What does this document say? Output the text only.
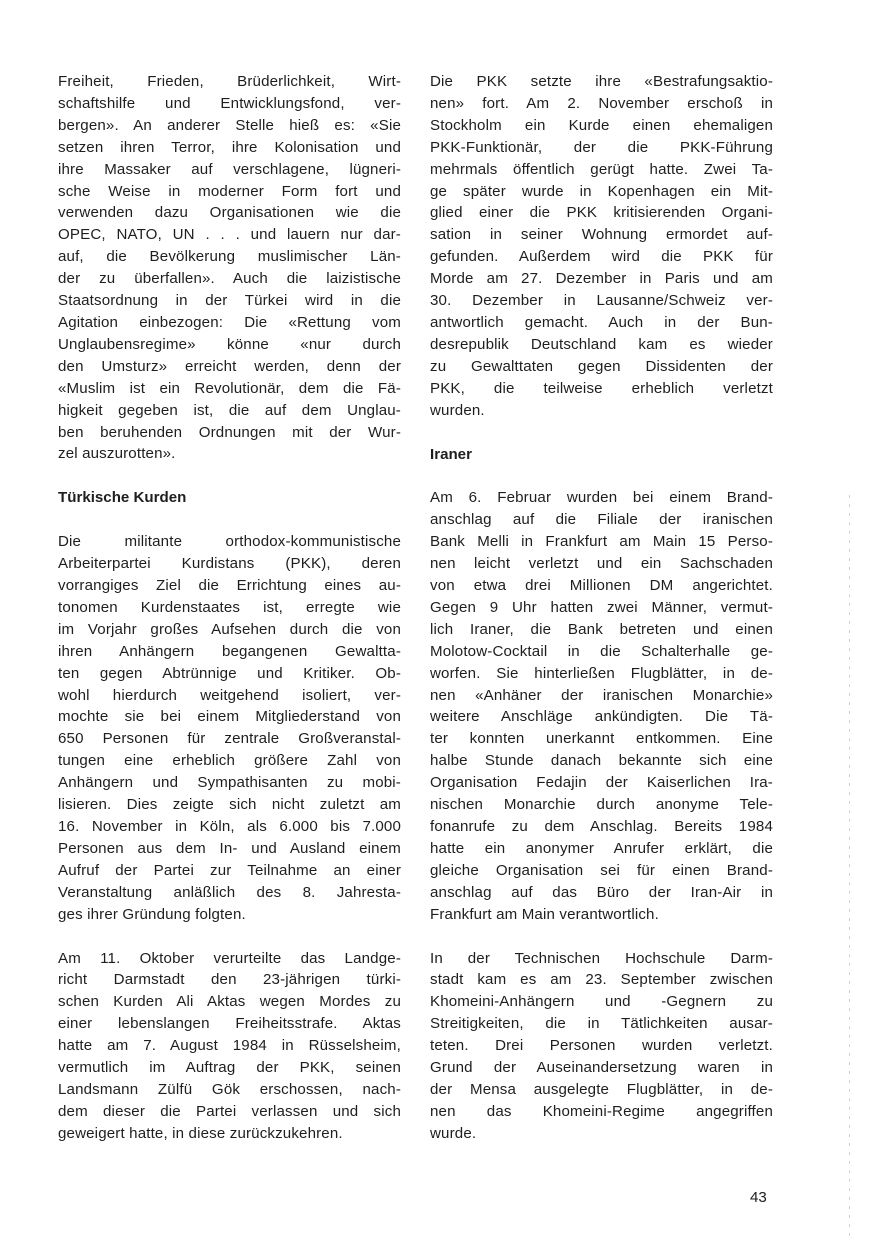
Freiheit, Frieden, Brüderlichkeit, Wirt-
schaftshilfe und Entwicklungsfond, ver-
bergen». An anderer Stelle hieß es: «Sie
setzen ihren Terror, ihre Kolonisation und
ihre Massaker auf verschlagene, lügneri-
sche Weise in moderner Form fort und
verwenden dazu Organisationen wie die
OPEC, NATO, UN . . . und lauern nur dar-
auf, die Bevölkerung muslimischer Län-
der zu überfallen». Auch die laizistische
Staatsordnung in der Türkei wird in die
Agitation einbezogen: Die «Rettung vom
Unglaubensregime» könne «nur durch
den Umsturz» erreicht werden, denn der
«Muslim ist ein Revolutionär, dem die Fä-
higkeit gegeben ist, die auf dem Unglau-
ben beruhenden Ordnungen mit der Wur-
zel auszurotten».

Türkische Kurden

Die militante orthodox-kommunistische
Arbeiterpartei Kurdistans (PKK), deren
vorrangiges Ziel die Errichtung eines au-
tonomen Kurdenstaates ist, erregte wie
im Vorjahr großes Aufsehen durch die von
ihren Anhängern begangenen Gewaltta-
ten gegen Abtrünnige und Kritiker. Ob-
wohl hierdurch weitgehend isoliert, ver-
mochte sie bei einem Mitgliederstand von
650 Personen für zentrale Großveranstal-
tungen eine erheblich größere Zahl von
Anhängern und Sympathisanten zu mobi-
lisieren. Dies zeigte sich nicht zuletzt am
16. November in Köln, als 6.000 bis 7.000
Personen aus dem In- und Ausland einem
Aufruf der Partei zur Teilnahme an einer
Veranstaltung anläßlich des 8. Jahresta-
ges ihrer Gründung folgten.

Am 11. Oktober verurteilte das Landge-
richt Darmstadt den 23-jährigen türki-
schen Kurden Ali Aktas wegen Mordes zu
einer lebenslangen Freiheitsstrafe. Aktas
hatte am 7. August 1984 in Rüsselsheim,
vermutlich im Auftrag der PKK, seinen
Landsmann Zülfü Gök erschossen, nach-
dem dieser die Partei verlassen und sich
geweigert hatte, in diese zurückzukehren.

Die PKK setzte ihre «Bestrafungsaktio-
nen» fort. Am 2. November erschoß in
Stockholm ein Kurde einen ehemaligen
PKK-Funktionär, der die PKK-Führung
mehrmals öffentlich gerügt hatte. Zwei Ta-
ge später wurde in Kopenhagen ein Mit-
glied einer die PKK kritisierenden Organi-
sation in seiner Wohnung ermordet auf-
gefunden. Außerdem wird die PKK für
Morde am 27. Dezember in Paris und am
30. Dezember in Lausanne/Schweiz ver-
antwortlich gemacht. Auch in der Bun-
desrepublik Deutschland kam es wieder
zu Gewalttaten gegen Dissidenten der
PKK, die teilweise erheblich verletzt
wurden.

Iraner

Am 6. Februar wurden bei einem Brand-
anschlag auf die Filiale der iranischen
Bank Melli in Frankfurt am Main 15 Perso-
nen leicht verletzt und ein Sachschaden
von etwa drei Millionen DM angerichtet.
Gegen 9 Uhr hatten zwei Männer, vermut-
lich Iraner, die Bank betreten und einen
Molotow-Cocktail in die Schalterhalle ge-
worfen. Sie hinterließen Flugblätter, in de-
nen «Anhäner der iranischen Monarchie»
weitere Anschläge ankündigten. Die Tä-
ter konnten unerkannt entkommen. Eine
halbe Stunde danach bekannte sich eine
Organisation Fedajin der Kaiserlichen Ira-
nischen Monarchie durch anonyme Tele-
fonanrufe zu dem Anschlag. Bereits 1984
hatte ein anonymer Anrufer erklärt, die
gleiche Organisation sei für einen Brand-
anschlag auf das Büro der Iran-Air in
Frankfurt am Main verantwortlich.

In der Technischen Hochschule Darm-
stadt kam es am 23. September zwischen
Khomeini-Anhängern und -Gegnern zu
Streitigkeiten, die in Tätlichkeiten ausar-
teten. Drei Personen wurden verletzt.
Grund der Auseinandersetzung waren in
der Mensa ausgelegte Flugblätter, in de-
nen das Khomeini-Regime angegriffen
wurde.

43
